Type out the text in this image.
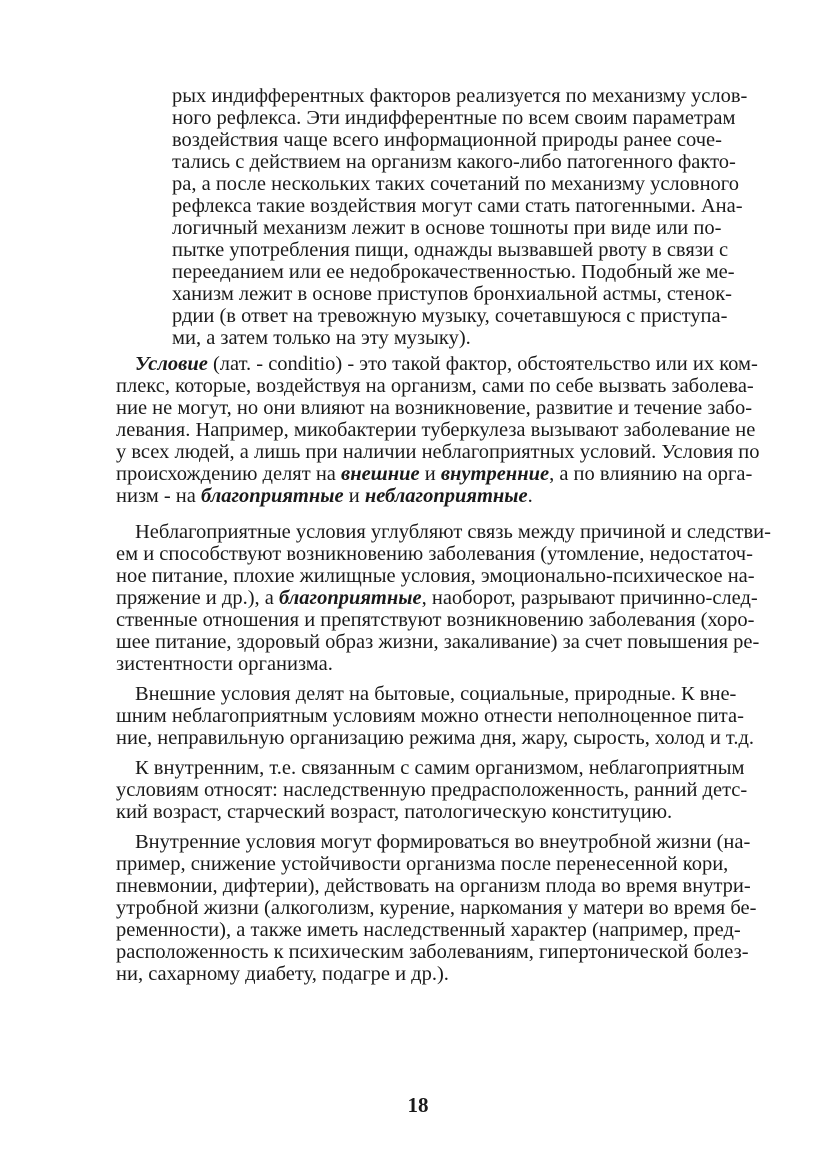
рых индифферентных факторов реализуется по механизму услов-
ного рефлекса. Эти индифферентные по всем своим параметрам
воздействия чаще всего информационной природы ранее соче-
тались с действием на организм какого-либо патогенного факто-
ра, а после нескольких таких сочетаний по механизму условного
рефлекса такие воздействия могут сами стать патогенными. Ана-
логичный механизм лежит в основе тошноты при виде или по-
пытке употребления пищи, однажды вызвавшей рвоту в связи с
перееданием или ее недоброкачественностью. Подобный же ме-
ханизм лежит в основе приступов бронхиальной астмы, стенок-
рдии (в ответ на тревожную музыку, сочетавшуюся с приступа-
ми, а затем только на эту музыку).
Условие (лат. - conditio) - это такой фактор, обстоятельство или их ком-
плекс, которые, воздействуя на организм, сами по себе вызвать заболева-
ние не могут, но они влияют на возникновение, развитие и течение забо-
левания. Например, микобактерии туберкулеза вызывают заболевание не
у всех людей, а лишь при наличии неблагоприятных условий. Условия по
происхождению делят на внешние и внутренние, а по влиянию на орга-
низм - на благоприятные и неблагоприятные.
Неблагоприятные условия углубляют связь между причиной и следстви-
ем и способствуют возникновению заболевания (утомление, недостаточ-
ное питание, плохие жилищные условия, эмоционально-психическое на-
пряжение и др.), а благоприятные, наоборот, разрывают причинно-след-
ственные отношения и препятствуют возникновению заболевания (хоро-
шее питание, здоровый образ жизни, закаливание) за счет повышения ре-
зистентности организма.
Внешние условия делят на бытовые, социальные, природные. К вне-
шним неблагоприятным условиям можно отнести неполноценное пита-
ние, неправильную организацию режима дня, жару, сырость, холод и т.д.
К внутренним, т.е. связанным с самим организмом, неблагоприятным
условиям относят: наследственную предрасположенность, ранний детс-
кий возраст, старческий возраст, патологическую конституцию.
Внутренние условия могут формироваться во внеутробной жизни (на-
пример, снижение устойчивости организма после перенесенной кори,
пневмонии, дифтерии), действовать на организм плода во время внутри-
утробной жизни (алкоголизм, курение, наркомания у матери во время бе-
ременности), а также иметь наследственный характер (например, пред-
расположенность к психическим заболеваниям, гипертонической болез-
ни, сахарному диабету, подагре и др.).
18
